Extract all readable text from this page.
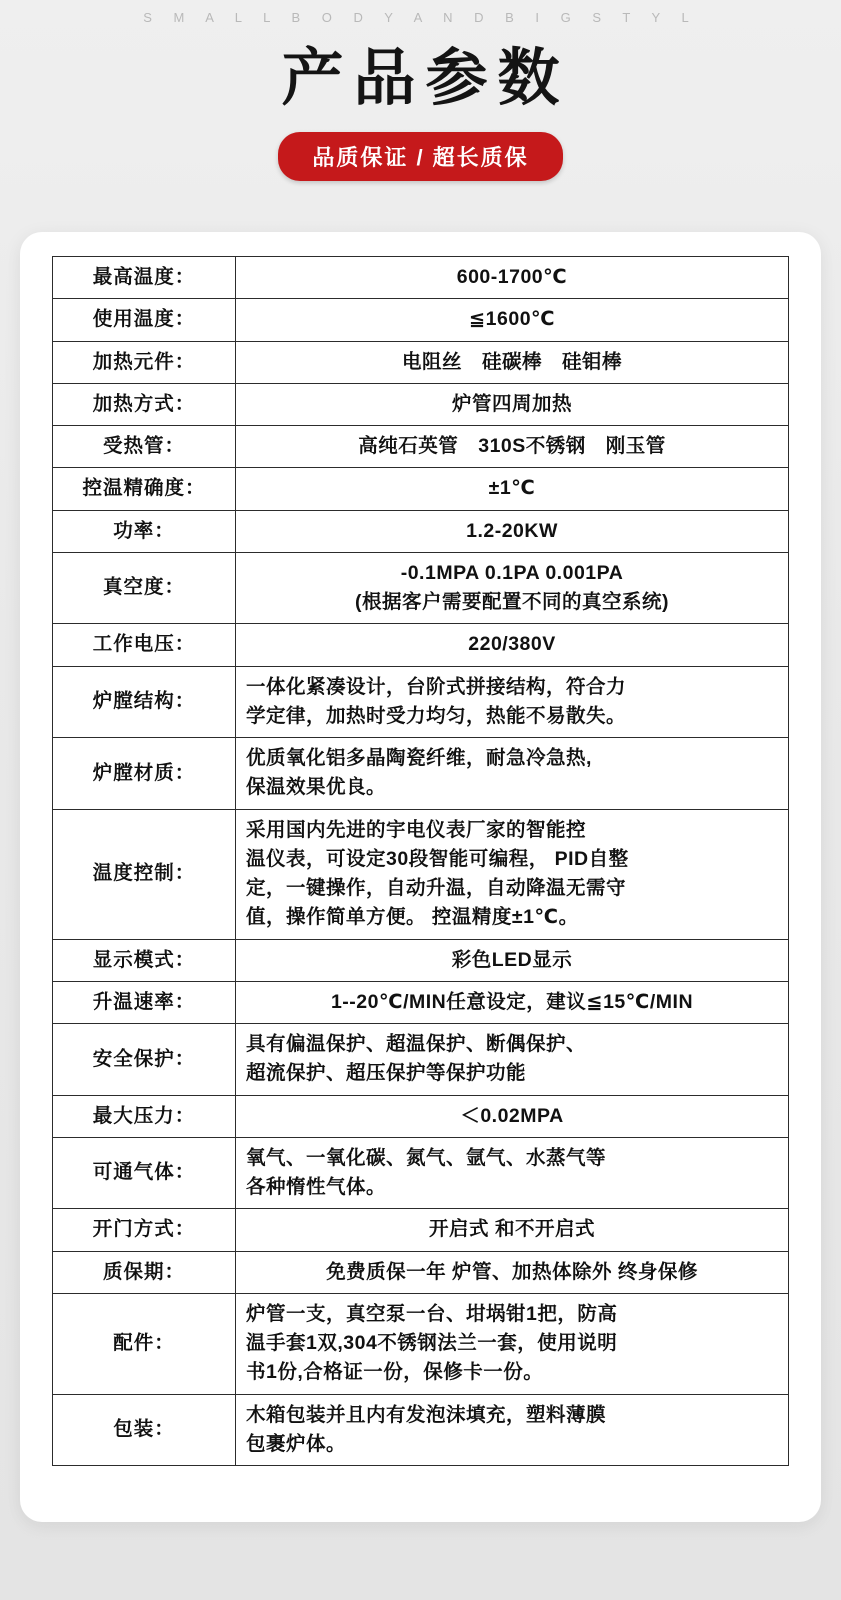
S M A L L B O D Y A N D B I G S T Y L
产品参数
品质保证 / 超长质保
最高温度：	600-1700℃

使用温度：	≦1600℃

加热元件：	电阻丝　硅碳棒　硅钼棒

加热方式：	炉管四周加热

受热管：	高纯石英管　310S不锈钢　刚玉管

控温精确度：	±1℃

功率：	1.2-20KW

真空度：	-0.1MPA 0.1PA 0.001PA
(根据客户需要配置不同的真空系统)

工作电压：	220/380V

炉膛结构：	一体化紧凑设计，台阶式拼接结构，符合力
学定律，加热时受力均匀，热能不易散失。

炉膛材质：	优质氧化铝多晶陶瓷纤维，耐急冷急热,
保温效果优良。

温度控制：	采用国内先进的宇电仪表厂家的智能控
温仪表，可设定30段智能可编程， PID自整
定，一键操作，自动升温，自动降温无需守
值，操作简单方便。 控温精度±1℃。

显示模式：	彩色LED显示

升温速率：	1--20℃/MIN任意设定，建议≦15℃/MIN

安全保护：	具有偏温保护、超温保护、断偶保护、
超流保护、超压保护等保护功能

最大压力：	＜0.02MPA

可通气体：	氧气、一氧化碳、氮气、氩气、水蒸气等
各种惰性气体。

开门方式：	开启式 和不开启式

质保期：	免费质保一年 炉管、加热体除外 终身保修

配件：	炉管一支，真空泵一台、坩埚钳1把，防高
温手套1双,304不锈钢法兰一套，使用说明
书1份,合格证一份，保修卡一份。

包装：	木箱包装并且内有发泡沫填充，塑料薄膜
包裹炉体。
